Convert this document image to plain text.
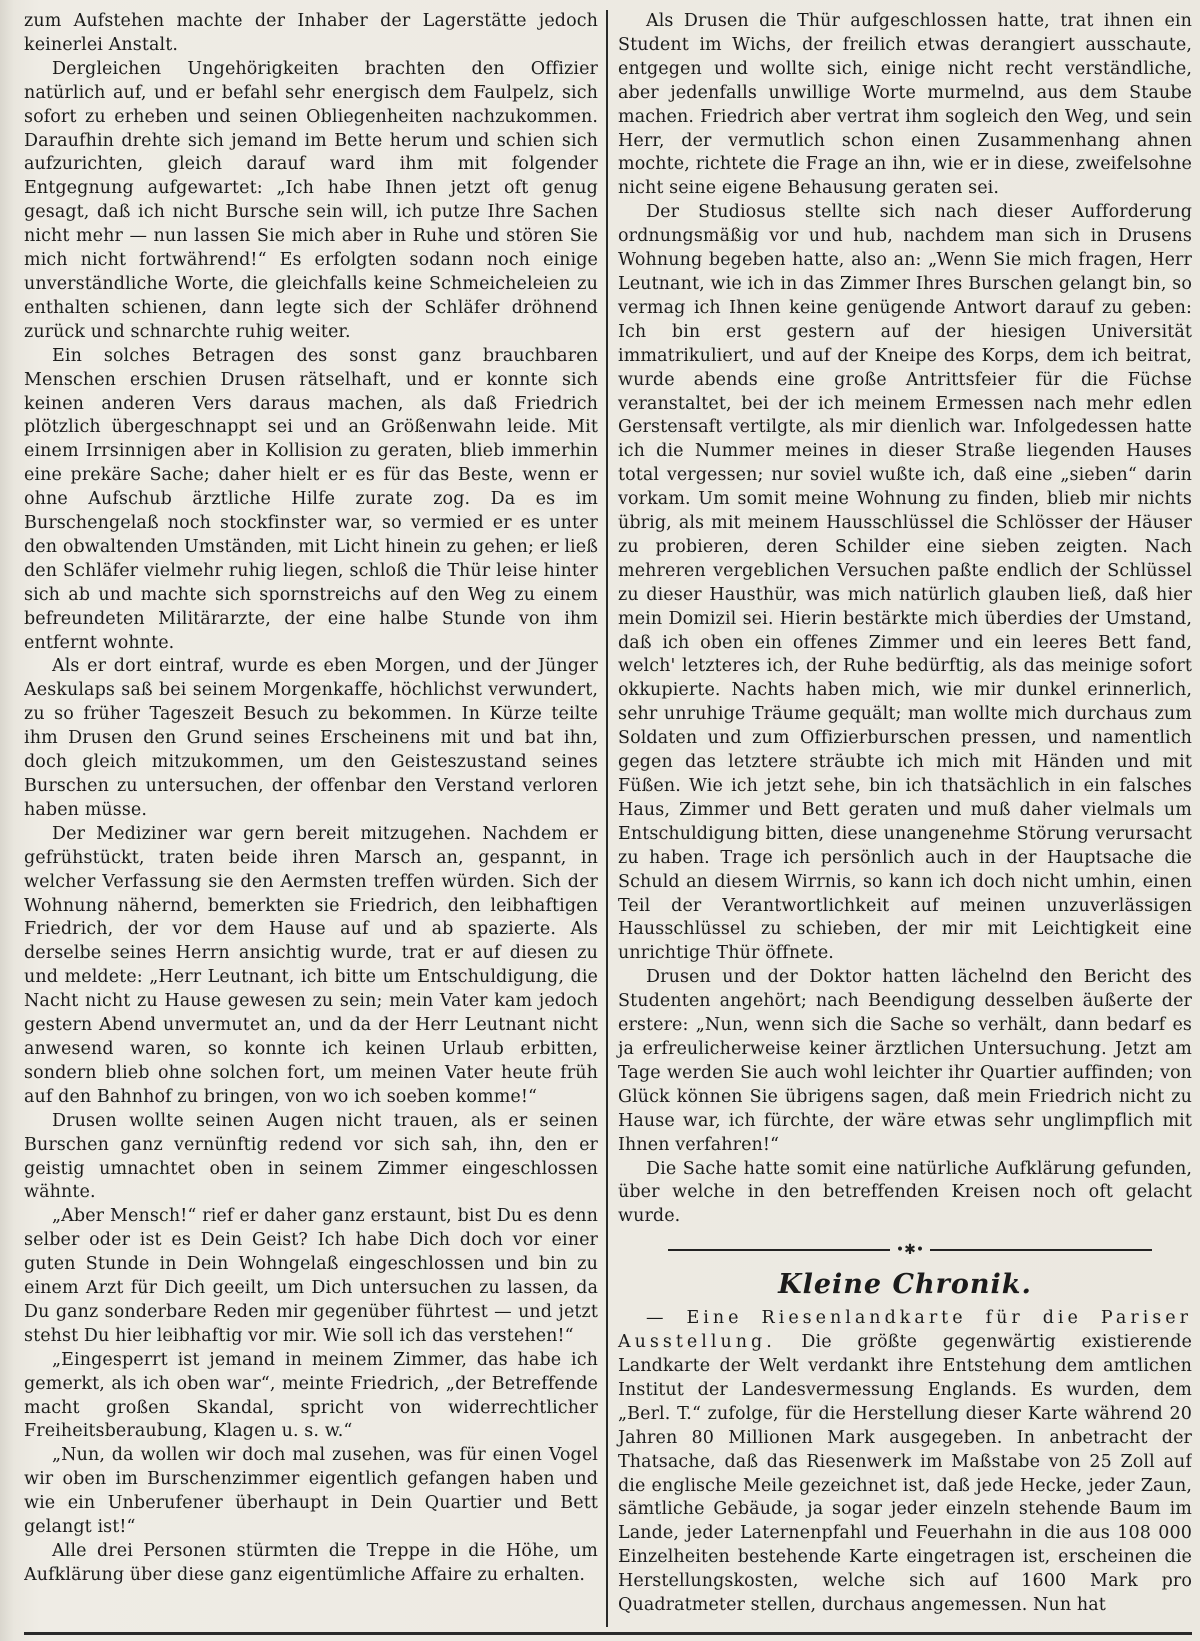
zum Aufstehen machte der Inhaber der Lagerstätte jedoch keinerlei Anstalt.

Dergleichen Ungehörigkeiten brachten den Offizier natürlich auf, und er befahl sehr energisch dem Faulpelz, sich sofort zu erheben und seinen Obliegenheiten nachzukommen. Daraufhin drehte sich jemand im Bette herum und schien sich aufzurichten, gleich darauf ward ihm mit folgender Entgegnung aufgewartet: „Ich habe Ihnen jetzt oft genug gesagt, daß ich nicht Bursche sein will, ich putze Ihre Sachen nicht mehr — nun lassen Sie mich aber in Ruhe und stören Sie mich nicht fortwährend!“ Es erfolgten sodann noch einige unverständliche Worte, die gleichfalls keine Schmeicheleien zu enthalten schienen, dann legte sich der Schläfer dröhnend zurück und schnarchte ruhig weiter.

Ein solches Betragen des sonst ganz brauchbaren Menschen erschien Drusen rätselhaft, und er konnte sich keinen anderen Vers daraus machen, als daß Friedrich plötzlich übergeschnappt sei und an Größenwahn leide. Mit einem Irrsinnigen aber in Kollision zu geraten, blieb immerhin eine prekäre Sache; daher hielt er es für das Beste, wenn er ohne Aufschub ärztliche Hilfe zurate zog. Da es im Burschengelaß noch stockfinster war, so vermied er es unter den obwaltenden Umständen, mit Licht hinein zu gehen; er ließ den Schläfer vielmehr ruhig liegen, schloß die Thür leise hinter sich ab und machte sich spornstreichs auf den Weg zu einem befreundeten Militärarzte, der eine halbe Stunde von ihm entfernt wohnte.

Als er dort eintraf, wurde es eben Morgen, und der Jünger Aeskulaps saß bei seinem Morgenkaffe, höchlichst verwundert, zu so früher Tageszeit Besuch zu bekommen. In Kürze teilte ihm Drusen den Grund seines Erscheinens mit und bat ihn, doch gleich mitzukommen, um den Geisteszustand seines Burschen zu untersuchen, der offenbar den Verstand verloren haben müsse.

Der Mediziner war gern bereit mitzugehen. Nachdem er gefrühstückt, traten beide ihren Marsch an, gespannt, in welcher Verfassung sie den Aermsten treffen würden. Sich der Wohnung nähernd, bemerkten sie Friedrich, den leibhaftigen Friedrich, der vor dem Hause auf und ab spazierte. Als derselbe seines Herrn ansichtig wurde, trat er auf diesen zu und meldete: „Herr Leutnant, ich bitte um Entschuldigung, die Nacht nicht zu Hause gewesen zu sein; mein Vater kam jedoch gestern Abend unvermutet an, und da der Herr Leutnant nicht anwesend waren, so konnte ich keinen Urlaub erbitten, sondern blieb ohne solchen fort, um meinen Vater heute früh auf den Bahnhof zu bringen, von wo ich soeben komme!“

Drusen wollte seinen Augen nicht trauen, als er seinen Burschen ganz vernünftig redend vor sich sah, ihn, den er geistig umnachtet oben in seinem Zimmer eingeschlossen wähnte.

„Aber Mensch!“ rief er daher ganz erstaunt, bist Du es denn selber oder ist es Dein Geist? Ich habe Dich doch vor einer guten Stunde in Dein Wohngelaß eingeschlossen und bin zu einem Arzt für Dich geeilt, um Dich untersuchen zu lassen, da Du ganz sonderbare Reden mir gegenüber führtest — und jetzt stehst Du hier leibhaftig vor mir. Wie soll ich das verstehen!“

„Eingesperrt ist jemand in meinem Zimmer, das habe ich gemerkt, als ich oben war“, meinte Friedrich, „der Betreffende macht großen Skandal, spricht von widerrechtlicher Freiheitsberaubung, Klagen u. s. w.“

„Nun, da wollen wir doch mal zusehen, was für einen Vogel wir oben im Burschenzimmer eigentlich gefangen haben und wie ein Unberufener überhaupt in Dein Quartier und Bett gelangt ist!“

Alle drei Personen stürmten die Treppe in die Höhe, um Aufklärung über diese ganz eigentümliche Affaire zu erhalten.

Als Drusen die Thür aufgeschlossen hatte, trat ihnen ein Student im Wichs, der freilich etwas derangiert ausschaute, entgegen und wollte sich, einige nicht recht verständliche, aber jedenfalls unwillige Worte murmelnd, aus dem Staube machen. Friedrich aber vertrat ihm sogleich den Weg, und sein Herr, der vermutlich schon einen Zusammenhang ahnen mochte, richtete die Frage an ihn, wie er in diese, zweifelsohne nicht seine eigene Behausung geraten sei.

Der Studiosus stellte sich nach dieser Aufforderung ordnungsmäßig vor und hub, nachdem man sich in Drusens Wohnung begeben hatte, also an: „Wenn Sie mich fragen, Herr Leutnant, wie ich in das Zimmer Ihres Burschen gelangt bin, so vermag ich Ihnen keine genügende Antwort darauf zu geben: Ich bin erst gestern auf der hiesigen Universität immatrikuliert, und auf der Kneipe des Korps, dem ich beitrat, wurde abends eine große Antrittsfeier für die Füchse veranstaltet, bei der ich meinem Ermessen nach mehr edlen Gerstensaft vertilgte, als mir dienlich war. Infolgedessen hatte ich die Nummer meines in dieser Straße liegenden Hauses total vergessen; nur soviel wußte ich, daß eine „sieben“ darin vorkam. Um somit meine Wohnung zu finden, blieb mir nichts übrig, als mit meinem Hausschlüssel die Schlösser der Häuser zu probieren, deren Schilder eine sieben zeigten. Nach mehreren vergeblichen Versuchen paßte endlich der Schlüssel zu dieser Hausthür, was mich natürlich glauben ließ, daß hier mein Domizil sei. Hierin bestärkte mich überdies der Umstand, daß ich oben ein offenes Zimmer und ein leeres Bett fand, welch' letzteres ich, der Ruhe bedürftig, als das meinige sofort okkupierte. Nachts haben mich, wie mir dunkel erinnerlich, sehr unruhige Träume gequält; man wollte mich durchaus zum Soldaten und zum Offizierburschen pressen, und namentlich gegen das letztere sträubte ich mich mit Händen und mit Füßen. Wie ich jetzt sehe, bin ich thatsächlich in ein falsches Haus, Zimmer und Bett geraten und muß daher vielmals um Entschuldigung bitten, diese unangenehme Störung verursacht zu haben. Trage ich persönlich auch in der Hauptsache die Schuld an diesem Wirrnis, so kann ich doch nicht umhin, einen Teil der Verantwortlichkeit auf meinen unzuverlässigen Hausschlüssel zu schieben, der mir mit Leichtigkeit eine unrichtige Thür öffnete.

Drusen und der Doktor hatten lächelnd den Bericht des Studenten angehört; nach Beendigung desselben äußerte der erstere: „Nun, wenn sich die Sache so verhält, dann bedarf es ja erfreulicherweise keiner ärztlichen Untersuchung. Jetzt am Tage werden Sie auch wohl leichter ihr Quartier auffinden; von Glück können Sie übrigens sagen, daß mein Friedrich nicht zu Hause war, ich fürchte, der wäre etwas sehr unglimpflich mit Ihnen verfahren!“

Die Sache hatte somit eine natürliche Aufklärung gefunden, über welche in den betreffenden Kreisen noch oft gelacht wurde.

•✱•
Kleine Chronik.

— Eine Riesenlandkarte für die Pariser Ausstellung. Die größte gegenwärtig existierende Landkarte der Welt verdankt ihre Entstehung dem amtlichen Institut der Landesvermessung Englands. Es wurden, dem „Berl. T.“ zufolge, für die Herstellung dieser Karte während 20 Jahren 80 Millionen Mark ausgegeben. In anbetracht der Thatsache, daß das Riesenwerk im Maßstabe von 25 Zoll auf die englische Meile gezeichnet ist, daß jede Hecke, jeder Zaun, sämtliche Gebäude, ja sogar jeder einzeln stehende Baum im Lande, jeder Laternenpfahl und Feuerhahn in die aus 108 000 Einzelheiten bestehende Karte eingetragen ist, erscheinen die Herstellungskosten, welche sich auf 1600 Mark pro Quadratmeter stellen, durchaus angemessen. Nun hat
